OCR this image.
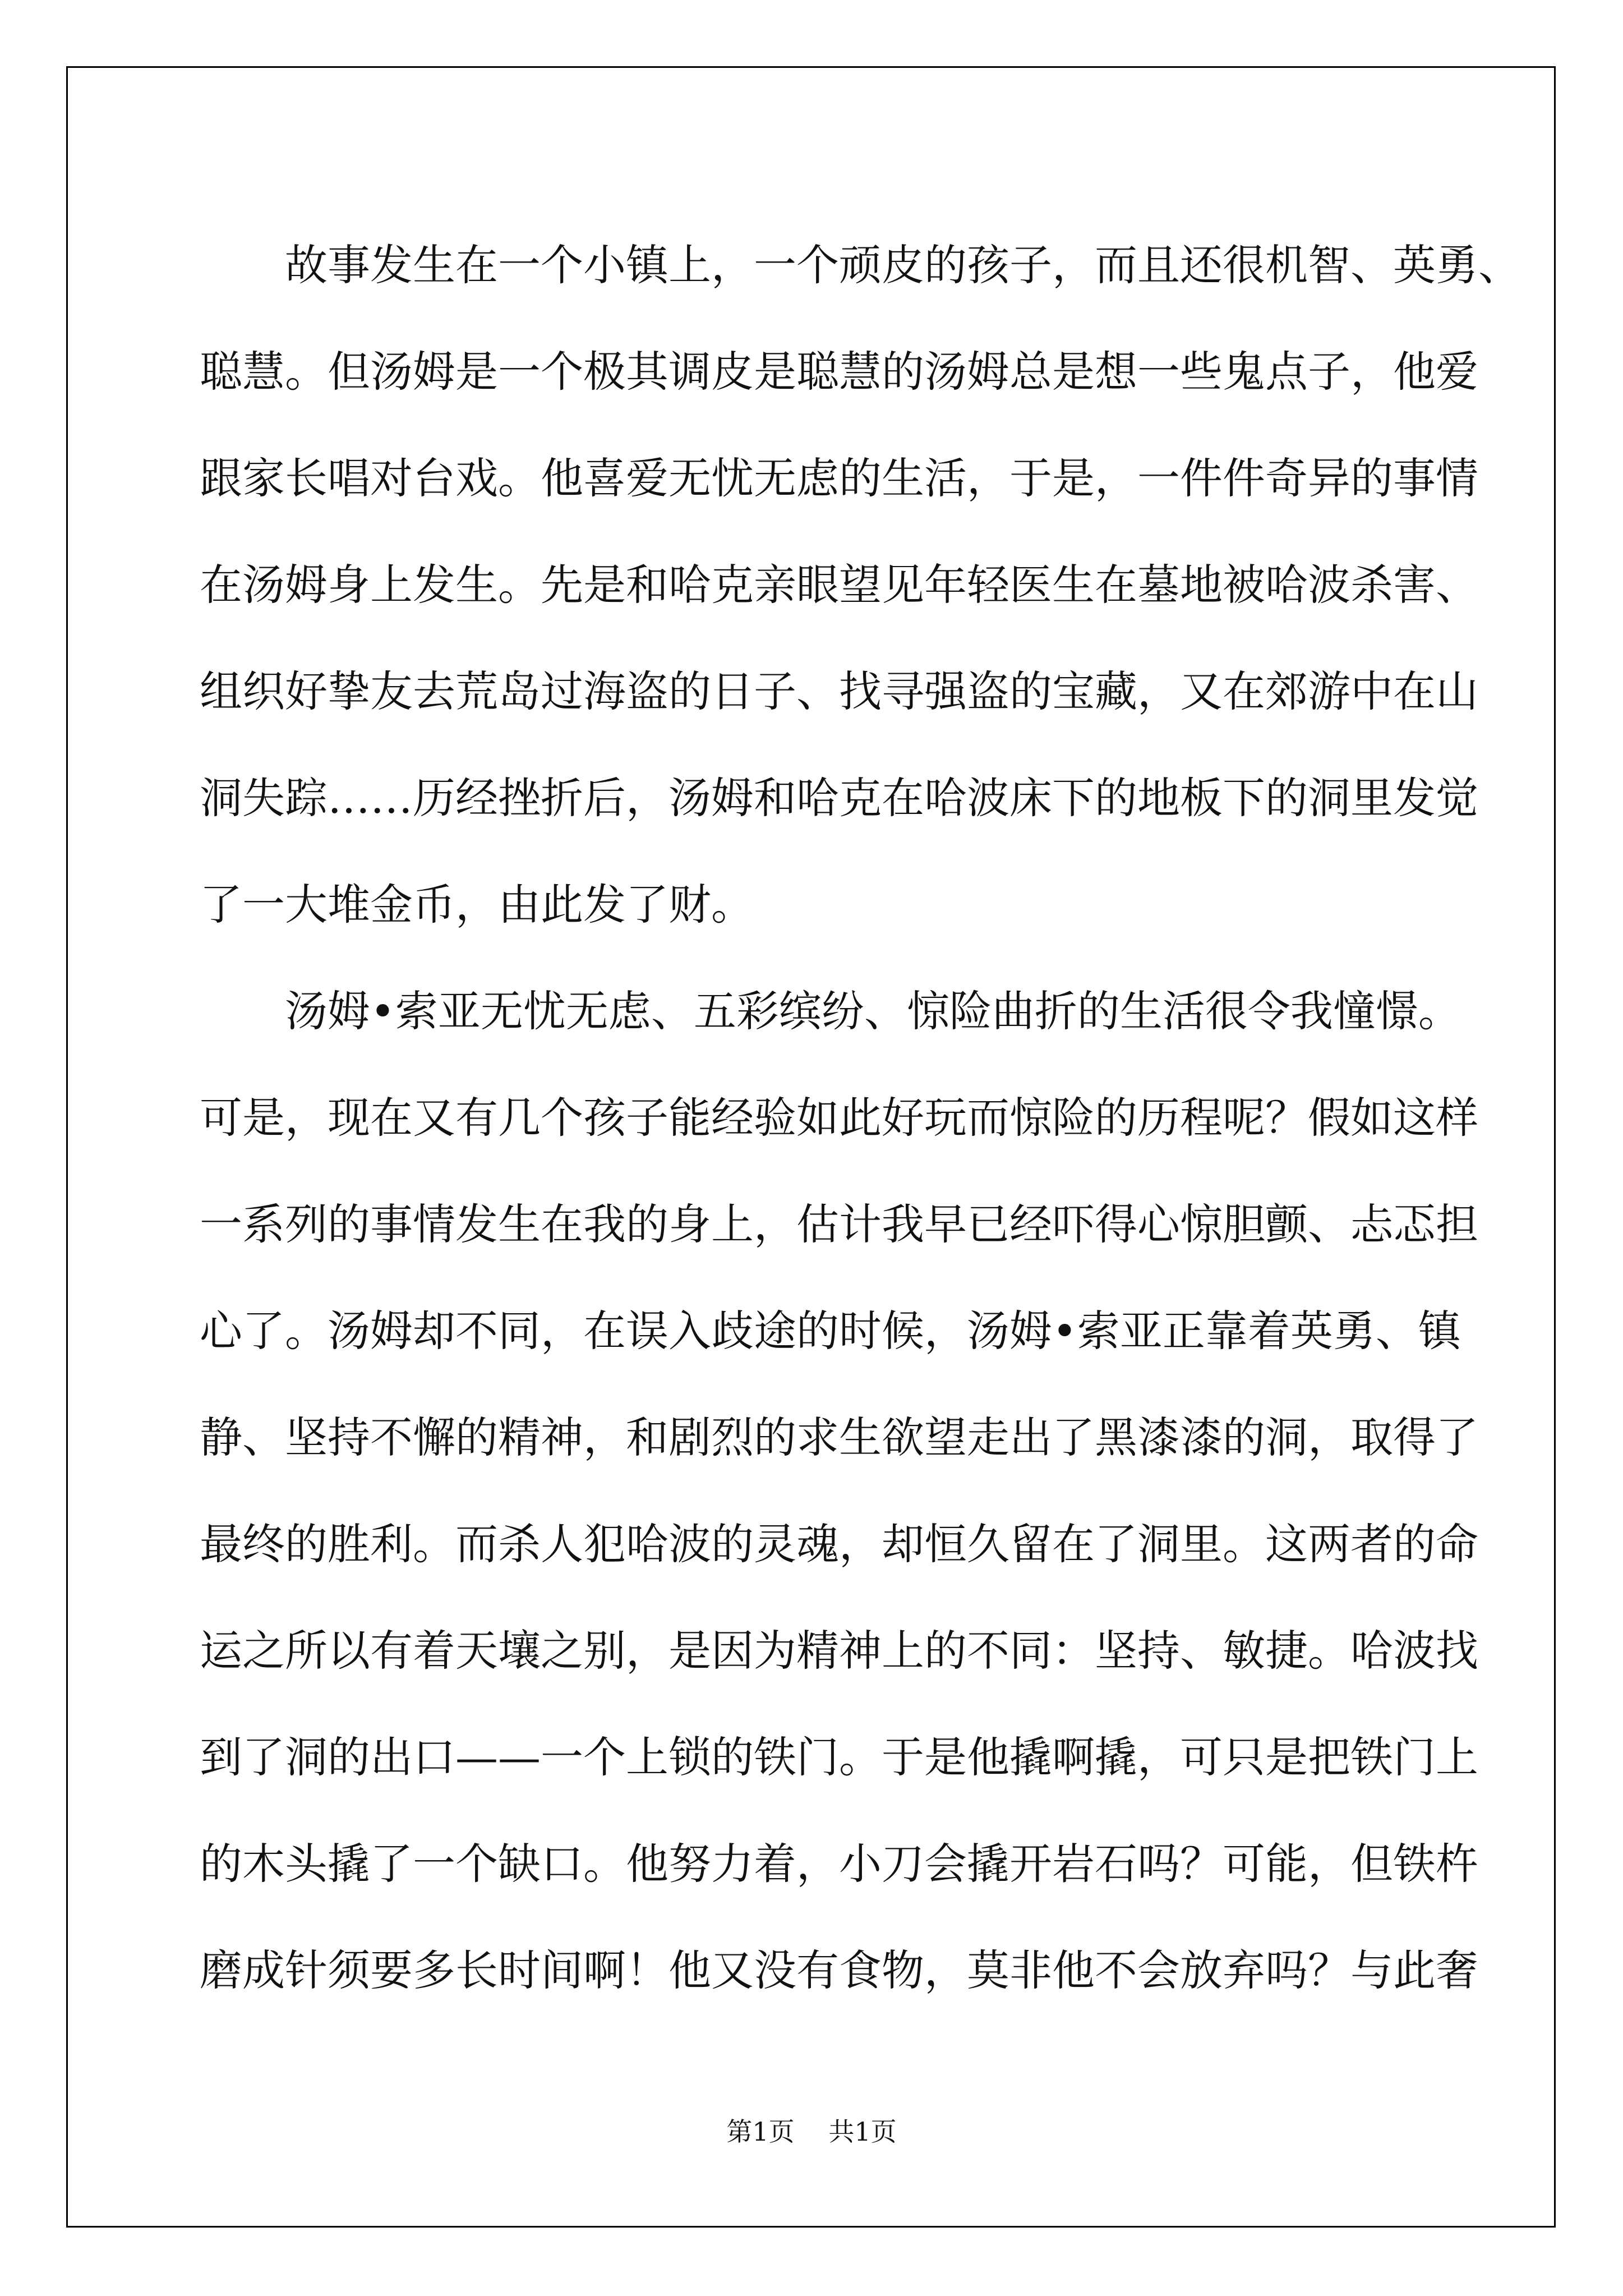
故事发生在一个小镇上，一个顽皮的孩子，而且还很机智、英勇、
聪慧。但汤姆是一个极其调皮是聪慧的汤姆总是想一些鬼点子，他爱
跟家长唱对台戏。他喜爱无忧无虑的生活，于是，一件件奇异的事情
在汤姆身上发生。先是和哈克亲眼望见年轻医生在墓地被哈波杀害、
组织好挚友去荒岛过海盗的日子、找寻强盗的宝藏，又在郊游中在山
洞失踪……历经挫折后，汤姆和哈克在哈波床下的地板下的洞里发觉
了一大堆金币，由此发了财。
汤姆•索亚无忧无虑、五彩缤纷、惊险曲折的生活很令我憧憬。
可是，现在又有几个孩子能经验如此好玩而惊险的历程呢？假如这样
一系列的事情发生在我的身上，估计我早已经吓得心惊胆颤、忐忑担
心了。汤姆却不同，在误入歧途的时候，汤姆•索亚正靠着英勇、镇
静、坚持不懈的精神，和剧烈的求生欲望走出了黑漆漆的洞，取得了
最终的胜利。而杀人犯哈波的灵魂，却恒久留在了洞里。这两者的命
运之所以有着天壤之别，是因为精神上的不同：坚持、敏捷。哈波找
到了洞的出口——一个上锁的铁门。于是他撬啊撬，可只是把铁门上
的木头撬了一个缺口。他努力着，小刀会撬开岩石吗？可能，但铁杵
磨成针须要多长时间啊！他又没有食物，莫非他不会放弃吗？与此奢
第1页 共1页
